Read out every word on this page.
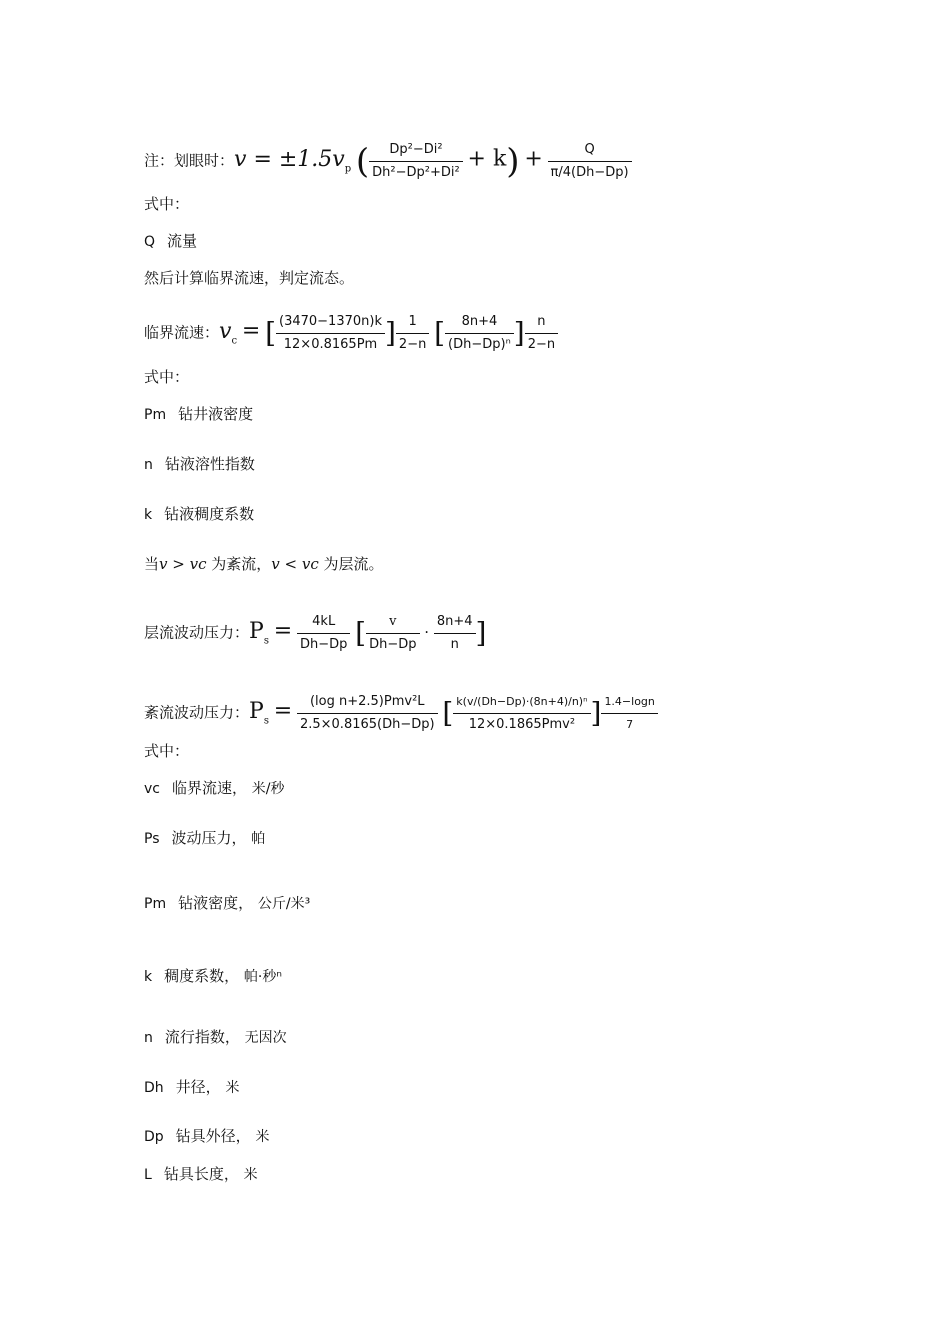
注：划眼时：$v = \pm 1.5v_p$ ( $\frac{\text{Dp²−Di²}}{\text{Dh²−Dp²+Di²}} + k) + \frac{Q}{\pi/4(Dh-Dp)}$
式中：
Q 流量
然后计算临界流速，判定流态。
临界流速：$v_c$ = [ $\frac{(3470-1370n)k}{12\times 0.8165Pm}$ ] $\frac{1}{2-n}$ [ $\frac{8n+4}{\text{(Dh−Dp)ⁿ}}$ ] $\frac{n}{2-n}$
式中：
Pm 钻井液密度
n 钻液溶性指数
k 钻液稠度系数
当v > vc 为紊流，v < vc 为层流。
层流波动压力：$P_s = \frac{4kL}{Dh-Dp}$ [ $\frac{v}{Dh-Dp} \cdot \frac{8n+4}{n}$ ]
紊流波动压力：$P_s = \frac{\text{(log n+2.5)Pmv²L}}{2.5\times 0.8165(Dh-Dp)}$ [ $\frac{\text{k(v/(Dh−Dp)·(8n+4)/n)ⁿ}}{\text{12×0.1865Pmv²}}$ ] $\frac{1.4-\log n}{7}$
式中：
vc 临界流速， 米/秒
Ps 波动压力， 帕
Pm 钻液密度， 公斤/米³
k 稠度系数， 帕·秒ⁿ
n 流行指数， 无因次
Dh 井径， 米
Dp 钻具外径， 米
L 钻具长度， 米
